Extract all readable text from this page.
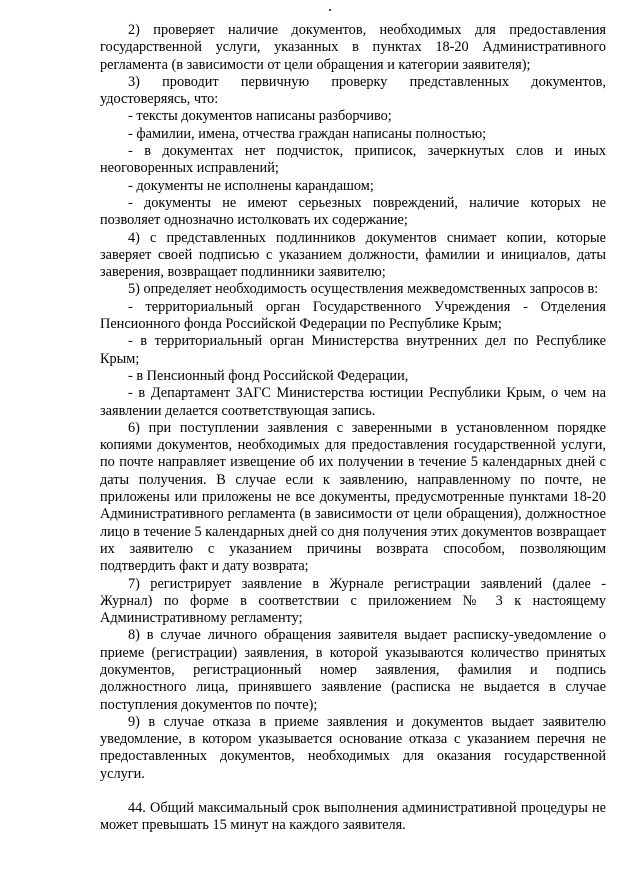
2) проверяет наличие документов, необходимых для предоставления государственной услуги, указанных в пунктах 18-20 Административного регламента (в зависимости от цели обращения и категории заявителя);

3) проводит первичную проверку представленных документов, удостоверяясь, что:

- тексты документов написаны разборчиво;

- фамилии, имена, отчества граждан написаны полностью;

- в документах нет подчисток, приписок, зачеркнутых слов и иных неоговоренных исправлений;

- документы не исполнены карандашом;

- документы не имеют серьезных повреждений, наличие которых не позволяет однозначно истолковать их содержание;

4) с представленных подлинников документов снимает копии, которые заверяет своей подписью с указанием должности, фамилии и инициалов, даты заверения, возвращает подлинники заявителю;

5) определяет необходимость осуществления межведомственных запросов в:

- территориальный орган Государственного Учреждения - Отделения Пенсионного фонда Российской Федерации по Республике Крым;

- в территориальный орган Министерства внутренних дел по Республике Крым;

- в Пенсионный фонд Российской Федерации,

- в Департамент ЗАГС Министерства юстиции Республики Крым, о чем на заявлении делается соответствующая запись.

6) при поступлении заявления с заверенными в установленном порядке копиями документов, необходимых для предоставления государственной услуги, по почте направляет извещение об их получении в течение 5 календарных дней с даты получения. В случае если к заявлению, направленному по почте, не приложены или приложены не все документы, предусмотренные пунктами 18-20 Административного регламента (в зависимости от цели обращения), должностное лицо в течение 5 календарных дней со дня получения этих документов возвращает их заявителю с указанием причины возврата способом, позволяющим подтвердить факт и дату возврата;

7) регистрирует заявление в Журнале регистрации заявлений (далее - Журнал) по форме в соответствии с приложением № 3 к настоящему Административному регламенту;

8) в случае личного обращения заявителя выдает расписку-уведомление о приеме (регистрации) заявления, в которой указываются количество принятых документов, регистрационный номер заявления, фамилия и подпись должностного лица, принявшего заявление (расписка не выдается в случае поступления документов по почте);

9) в случае отказа в приеме заявления и документов выдает заявителю уведомление, в котором указывается основание отказа с указанием перечня не предоставленных документов, необходимых для оказания государственной услуги.

44. Общий максимальный срок выполнения административной процедуры не может превышать 15 минут на каждого заявителя.
